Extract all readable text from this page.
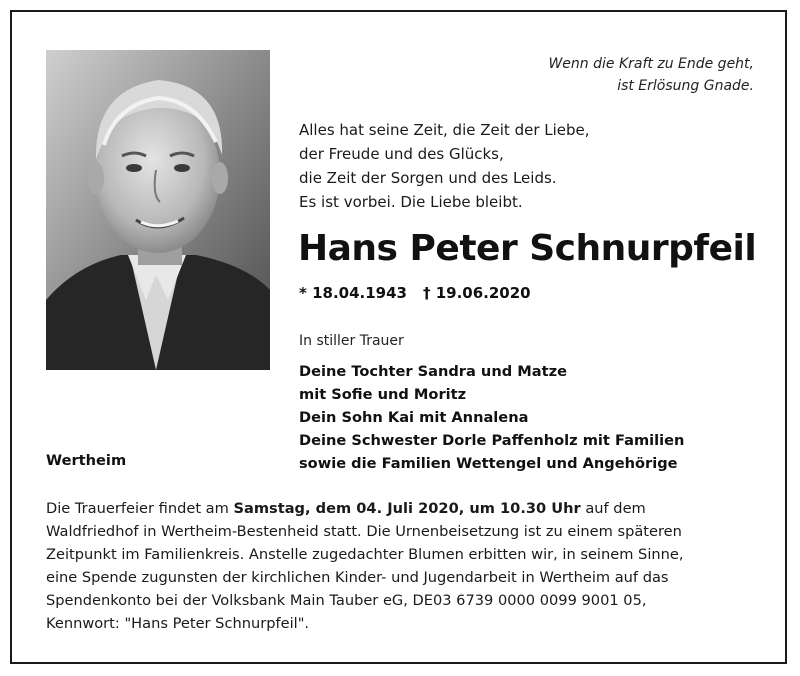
Wenn die Kraft zu Ende geht,
ist Erlösung Gnade.
Alles hat seine Zeit, die Zeit der Liebe,
der Freude und des Glücks,
die Zeit der Sorgen und des Leids.
Es ist vorbei. Die Liebe bleibt.
Hans Peter Schnurpfeil
* 18.04.1943 † 19.06.2020
In stiller Trauer
Deine Tochter Sandra und Matze
mit Sofie und Moritz
Dein Sohn Kai mit Annalena
Deine Schwester Dorle Paffenholz mit Familien
sowie die Familien Wettengel und Angehörige
Wertheim
Die Trauerfeier findet am Samstag, dem 04. Juli 2020, um 10.30 Uhr auf dem
Waldfriedhof in Wertheim-Bestenheid statt. Die Urnenbeisetzung ist zu einem späteren
Zeitpunkt im Familienkreis. Anstelle zugedachter Blumen erbitten wir, in seinem Sinne,
eine Spende zugunsten der kirchlichen Kinder- und Jugendarbeit in Wertheim auf das
Spendenkonto bei der Volksbank Main Tauber eG, DE03 6739 0000 0099 9001 05,
Kennwort: "Hans Peter Schnurpfeil".
